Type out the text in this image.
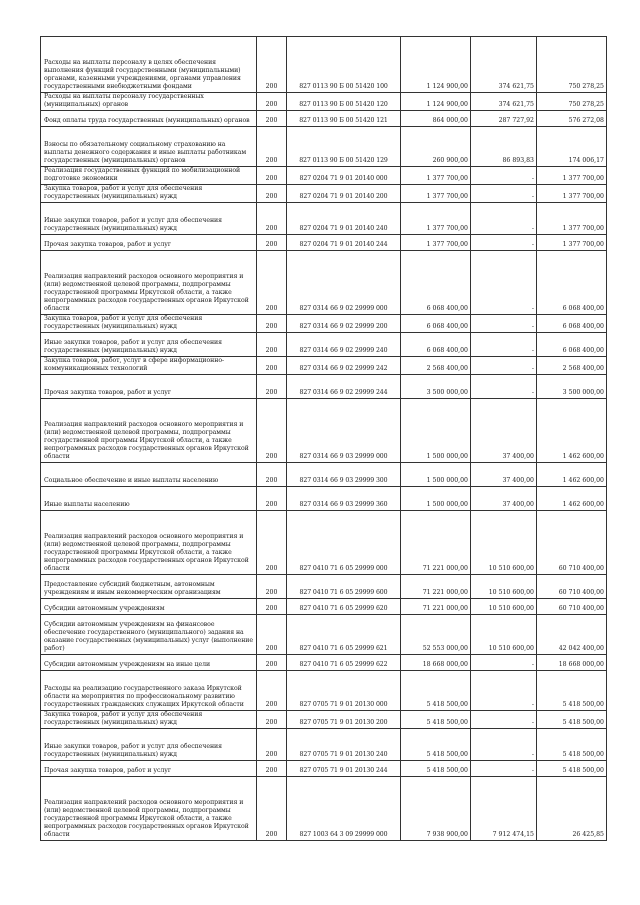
Расходы на выплаты персоналу в целях обеспечения выполнения функций государственными (муниципальными) органами, казенными учреждениями, органами управления государственными внебюджетными фондами	200	827 0113 90 Б 00 51420 100	1 124 900,00	374 621,75	750 278,25
Расходы на выплаты персоналу государственных (муниципальных) органов	200	827 0113 90 Б 00 51420 120	1 124 900,00	374 621,75	750 278,25
Фонд оплаты труда государственных (муниципальных) органов	200	827 0113 90 Б 00 51420 121	864 000,00	287 727,92	576 272,08
Взносы по обязательному социальному страхованию на выплаты денежного содержания и иные выплаты работникам государственных (муниципальных) органов	200	827 0113 90 Б 00 51420 129	260 900,00	86 893,83	174 006,17
Реализация государственных функций по мобилизационной подготовке экономики	200	827 0204 71 9 01 20140 000	1 377 700,00	-	1 377 700,00
Закупка товаров, работ и услуг для обеспечения государственных (муниципальных) нужд	200	827 0204 71 9 01 20140 200	1 377 700,00	-	1 377 700,00
Иные закупки товаров, работ и услуг для обеспечения государственных (муниципальных) нужд	200	827 0204 71 9 01 20140 240	1 377 700,00	-	1 377 700,00
Прочая закупка товаров, работ и услуг	200	827 0204 71 9 01 20140 244	1 377 700,00	-	1 377 700,00
Реализация направлений расходов основного мероприятия и (или) ведомственной целевой программы, подпрограммы государственной программы Иркутской области, а также непрограммных расходов государственных органов Иркутской области	200	827 0314 66 9 02 29999 000	6 068 400,00	-	6 068 400,00
Закупка товаров, работ и услуг для обеспечения государственных (муниципальных) нужд	200	827 0314 66 9 02 29999 200	6 068 400,00	-	6 068 400,00
Иные закупки товаров, работ и услуг для обеспечения государственных (муниципальных) нужд	200	827 0314 66 9 02 29999 240	6 068 400,00	-	6 068 400,00
Закупка товаров, работ, услуг в сфере информационно-коммуникационных технологий	200	827 0314 66 9 02 29999 242	2 568 400,00	-	2 568 400,00
Прочая закупка товаров, работ и услуг	200	827 0314 66 9 02 29999 244	3 500 000,00	-	3 500 000,00
Реализация направлений расходов основного мероприятия и (или) ведомственной целевой программы, подпрограммы государственной программы Иркутской области, а также непрограммных расходов государственных органов Иркутской области	200	827 0314 66 9 03 29999 000	1 500 000,00	37 400,00	1 462 600,00
Социальное обеспечение и иные выплаты населению	200	827 0314 66 9 03 29999 300	1 500 000,00	37 400,00	1 462 600,00
Иные выплаты населению	200	827 0314 66 9 03 29999 360	1 500 000,00	37 400,00	1 462 600,00
Реализация направлений расходов основного мероприятия и (или) ведомственной целевой программы, подпрограммы государственной программы Иркутской области, а также непрограммных расходов государственных органов Иркутской области	200	827 0410 71 6 05 29999 000	71 221 000,00	10 510 600,00	60 710 400,00
Предоставление субсидий бюджетным, автономным учреждениям и иным некоммерческим организациям	200	827 0410 71 6 05 29999 600	71 221 000,00	10 510 600,00	60 710 400,00
Субсидии автономным учреждениям	200	827 0410 71 6 05 29999 620	71 221 000,00	10 510 600,00	60 710 400,00
Субсидии автономным учреждениям на финансовое обеспечение государственного (муниципального) задания на оказание государственных (муниципальных) услуг (выполнение работ)	200	827 0410 71 6 05 29999 621	52 553 000,00	10 510 600,00	42 042 400,00
Субсидии автономным учреждениям на иные цели	200	827 0410 71 6 05 29999 622	18 668 000,00	-	18 668 000,00
Расходы на реализацию государственного заказа Иркутской области на мероприятия по профессиональному развитию государственных гражданских служащих Иркутской области	200	827 0705 71 9 01 20130 000	5 418 500,00	-	5 418 500,00
Закупка товаров, работ и услуг для обеспечения государственных (муниципальных) нужд	200	827 0705 71 9 01 20130 200	5 418 500,00	-	5 418 500,00
Иные закупки товаров, работ и услуг для обеспечения государственных (муниципальных) нужд	200	827 0705 71 9 01 20130 240	5 418 500,00	-	5 418 500,00
Прочая закупка товаров, работ и услуг	200	827 0705 71 9 01 20130 244	5 418 500,00	-	5 418 500,00
Реализация направлений расходов основного мероприятия и (или) ведомственной целевой программы, подпрограммы государственной программы Иркутской области, а также непрограммных расходов государственных органов Иркутской области	200	827 1003 64 3 09 29999 000	7 938 900,00	7 912 474,15	26 425,85
